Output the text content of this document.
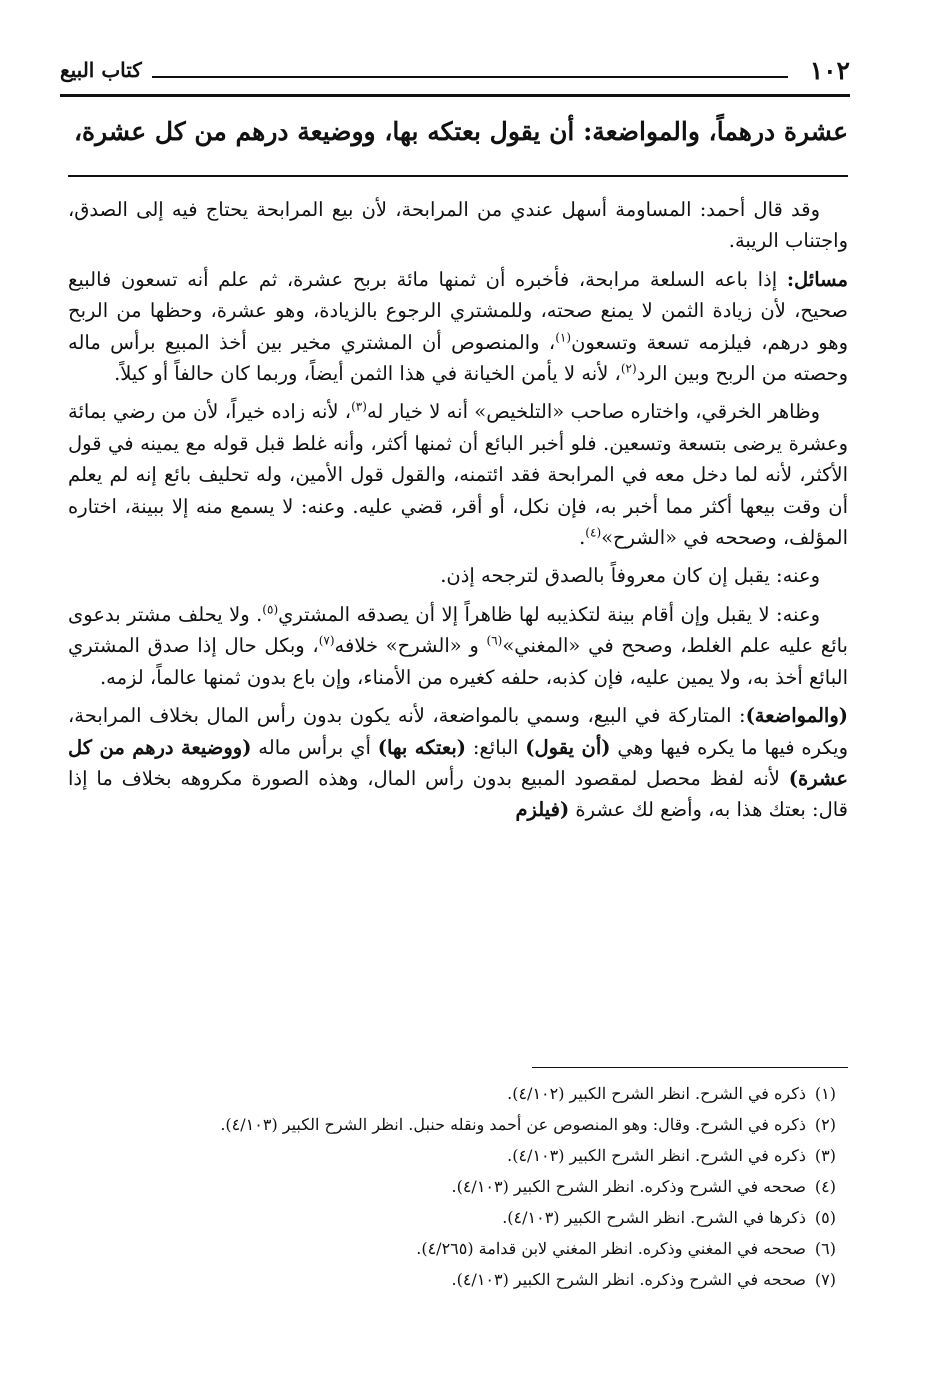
١٠٢
كتاب البيع
عشرة درهماً، والمواضعة: أن يقول بعتكه بها، ووضيعة درهم من كل عشرة،

وقد قال أحمد: المساومة أسهل عندي من المرابحة، لأن بيع المرابحة يحتاج فيه إلى الصدق، واجتناب الريبة.

مسائل: إذا باعه السلعة مرابحة، فأخبره أن ثمنها مائة بربح عشرة، ثم علم أنه تسعون فالبيع صحيح، لأن زيادة الثمن لا يمنع صحته، وللمشتري الرجوع بالزيادة، وهو عشرة، وحظها من الربح وهو درهم، فيلزمه تسعة وتسعون$^{(١)}$، والمنصوص أن المشتري مخير بين أخذ المبيع برأس ماله وحصته من الربح وبين الرد$^{(٢)}$، لأنه لا يأمن الخيانة في هذا الثمن أيضاً، وربما كان حالفاً أو كيلاً.

وظاهر الخرقي، واختاره صاحب «التلخيص» أنه لا خيار له$^{(٣)}$، لأنه زاده خيراً، لأن من رضي بمائة وعشرة يرضى بتسعة وتسعين. فلو أخبر البائع أن ثمنها أكثر، وأنه غلط قبل قوله مع يمينه في قول الأكثر، لأنه لما دخل معه في المرابحة فقد ائتمنه، والقول قول الأمين، وله تحليف بائع إنه لم يعلم أن وقت بيعها أكثر مما أخبر به، فإن نكل، أو أقر، قضي عليه. وعنه: لا يسمع منه إلا ببينة، اختاره المؤلف، وصححه في «الشرح»$^{(٤)}$.

وعنه: يقبل إن كان معروفاً بالصدق لترجحه إذن.

وعنه: لا يقبل وإن أقام بينة لتكذيبه لها ظاهراً إلا أن يصدقه المشتري$^{(٥)}$. ولا يحلف مشتر بدعوى بائع عليه علم الغلط، وصحح في «المغني»$^{(٦)}$ و «الشرح» خلافه$^{(٧)}$، وبكل حال إذا صدق المشتري البائع أخذ به، ولا يمين عليه، فإن كذبه، حلفه كغيره من الأمناء، وإن باع بدون ثمنها عالماً، لزمه.

(والمواضعة): المتاركة في البيع، وسمي بالمواضعة، لأنه يكون بدون رأس المال بخلاف المرابحة، ويكره فيها ما يكره فيها وهي (أن يقول) البائع: (بعتكه بها) أي برأس ماله (ووضيعة درهم من كل عشرة) لأنه لفظ محصل لمقصود المبيع بدون رأس المال، وهذه الصورة مكروهه بخلاف ما إذا قال: بعتك هذا به، وأضع لك عشرة (فيلزم

(١)ذكره في الشرح. انظر الشرح الكبير (٤/١٠٢).

(٢)ذكره في الشرح. وقال: وهو المنصوص عن أحمد ونقله حنبل. انظر الشرح الكبير (٤/١٠٣).

(٣)ذكره في الشرح. انظر الشرح الكبير (٤/١٠٣).

(٤)صححه في الشرح وذكره. انظر الشرح الكبير (٤/١٠٣).

(٥)ذكرها في الشرح. انظر الشرح الكبير (٤/١٠٣).

(٦)صححه في المغني وذكره. انظر المغني لابن قدامة (٤/٢٦٥).

(٧)صححه في الشرح وذكره. انظر الشرح الكبير (٤/١٠٣).
